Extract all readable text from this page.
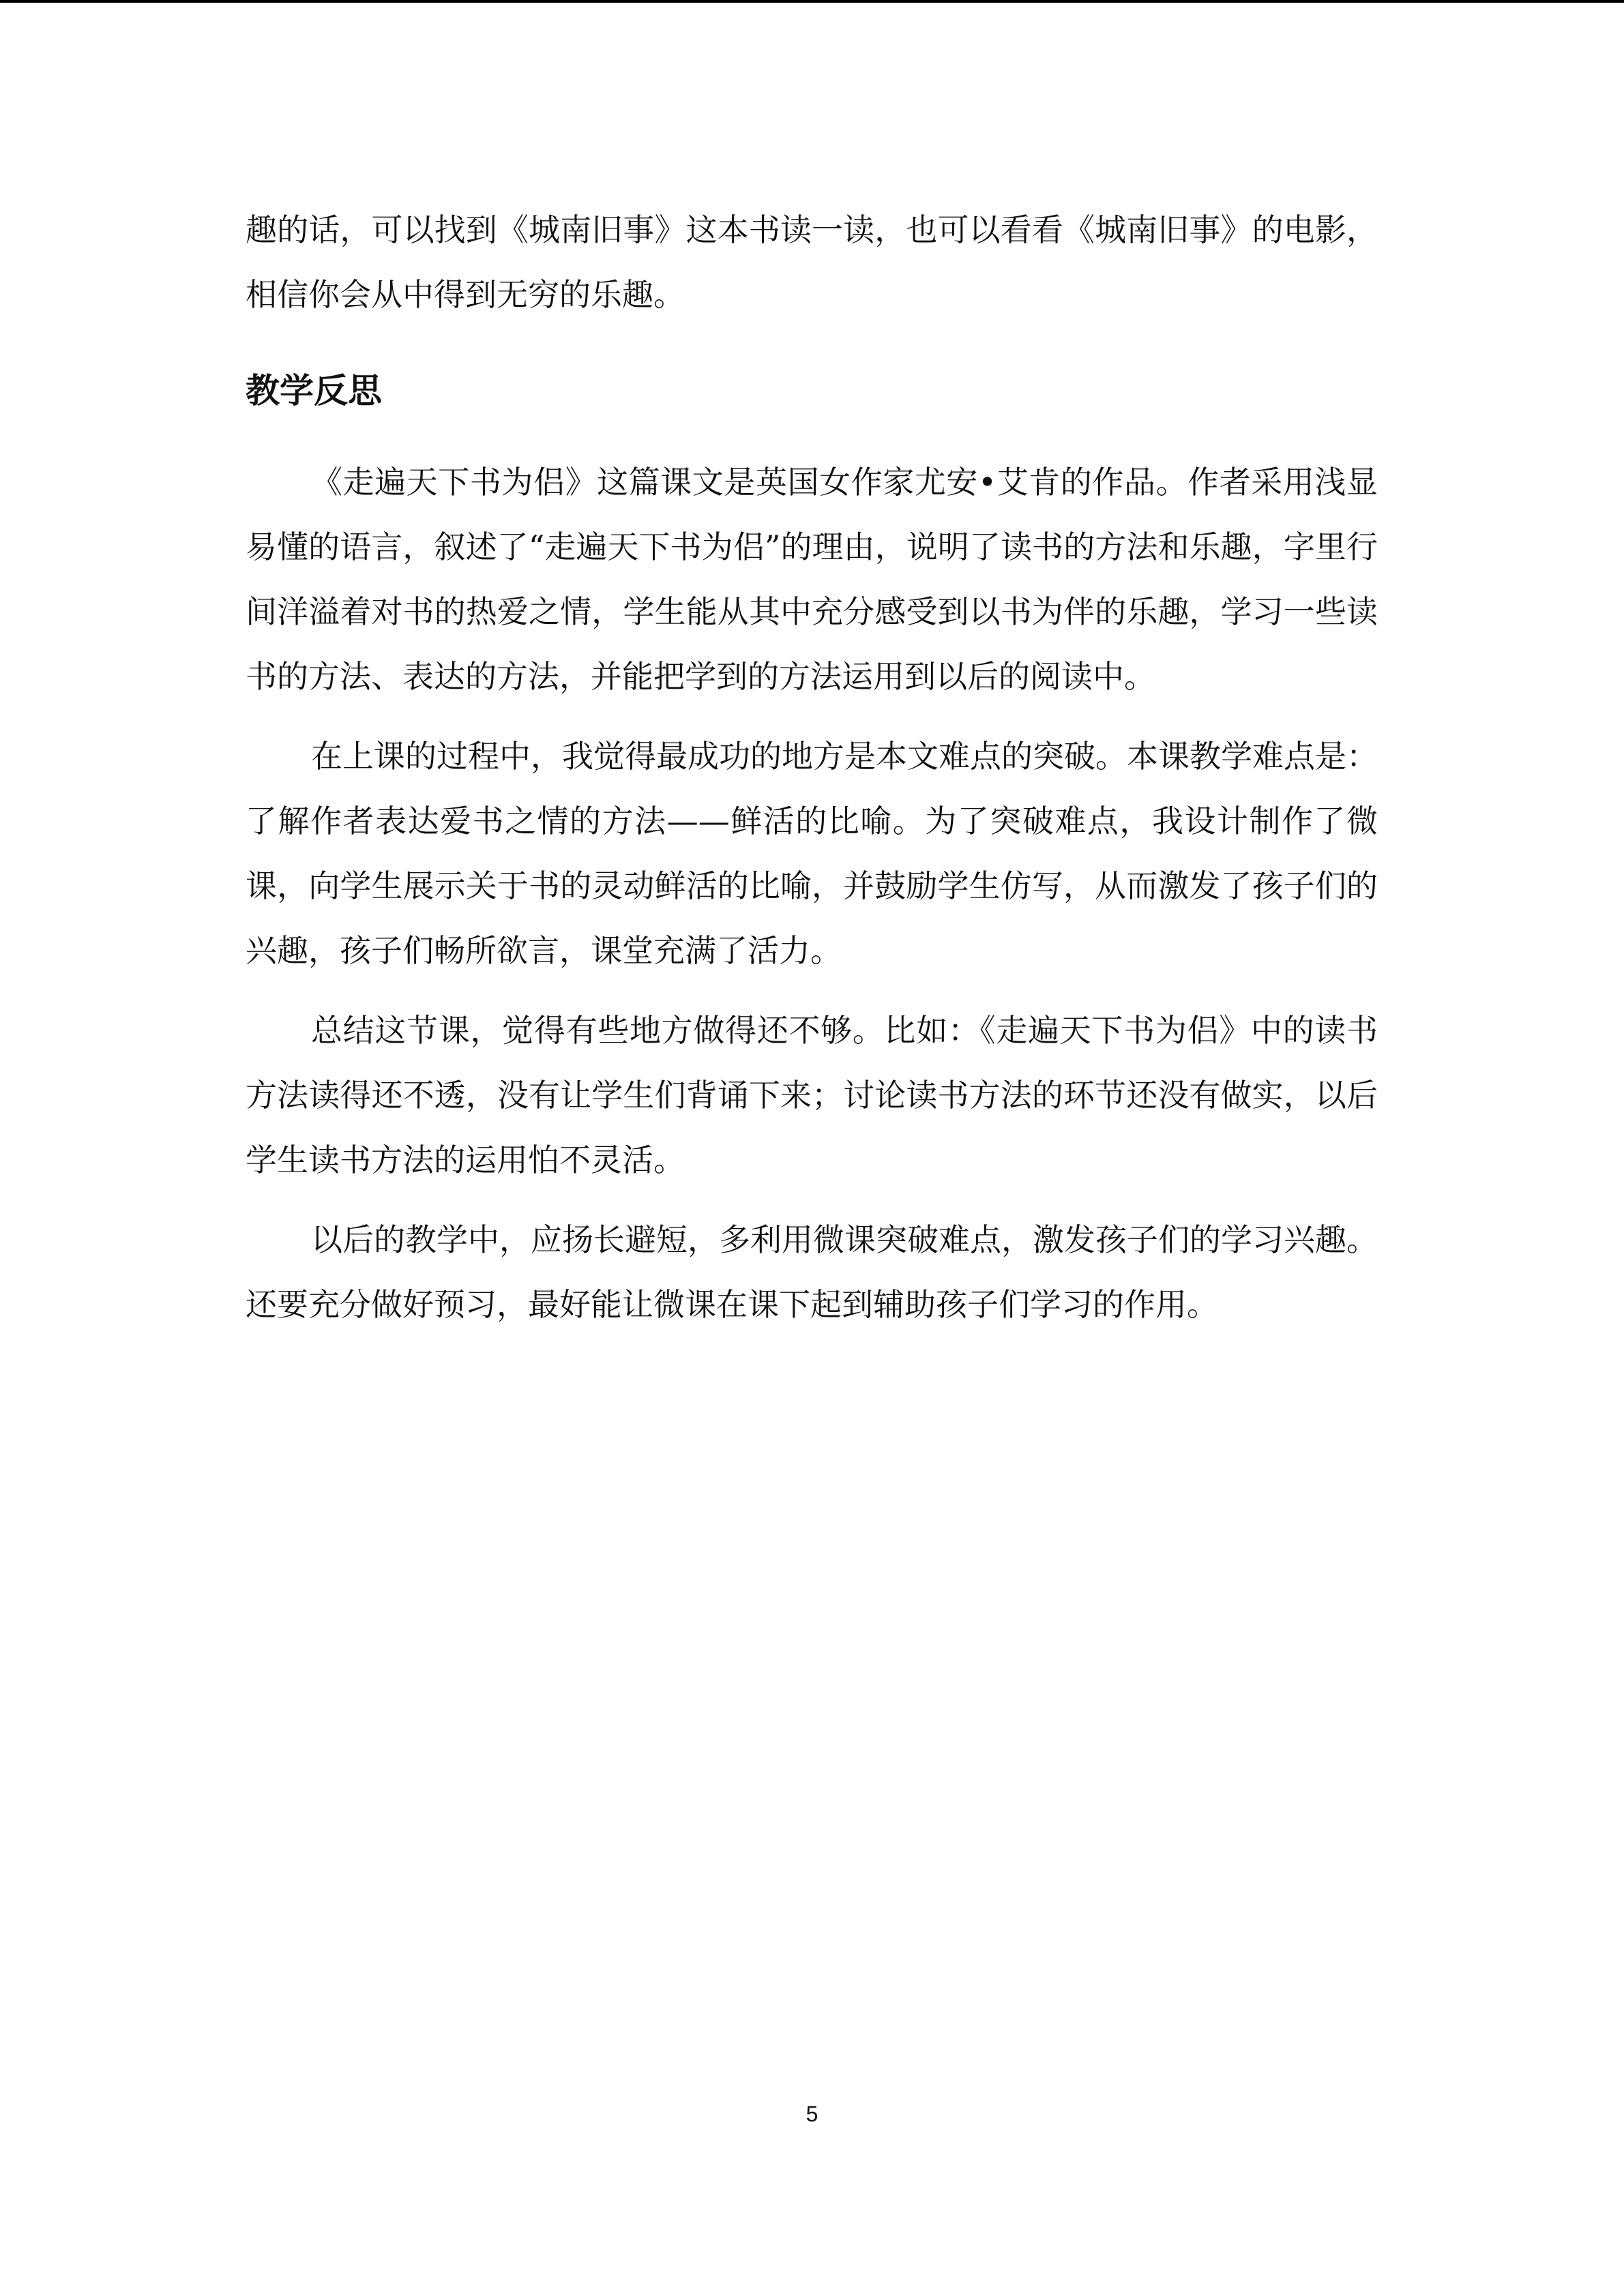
趣的话，可以找到《城南旧事》这本书读一读，也可以看看《城南旧事》的电影，相信你会从中得到无穷的乐趣。

教学反思

《走遍天下书为侣》这篇课文是英国女作家尤安•艾肯的作品。作者采用浅显易懂的语言，叙述了“走遍天下书为侣”的理由，说明了读书的方法和乐趣，字里行间洋溢着对书的热爱之情，学生能从其中充分感受到以书为伴的乐趣，学习一些读书的方法、表达的方法，并能把学到的方法运用到以后的阅读中。

在上课的过程中，我觉得最成功的地方是本文难点的突破。本课教学难点是：了解作者表达爱书之情的方法——鲜活的比喻。为了突破难点，我设计制作了微课，向学生展示关于书的灵动鲜活的比喻，并鼓励学生仿写，从而激发了孩子们的兴趣，孩子们畅所欲言，课堂充满了活力。

总结这节课，觉得有些地方做得还不够。比如：《走遍天下书为侣》中的读书方法读得还不透，没有让学生们背诵下来；讨论读书方法的环节还没有做实，以后学生读书方法的运用怕不灵活。

以后的教学中，应扬长避短，多利用微课突破难点，激发孩子们的学习兴趣。还要充分做好预习，最好能让微课在课下起到辅助孩子们学习的作用。

5
